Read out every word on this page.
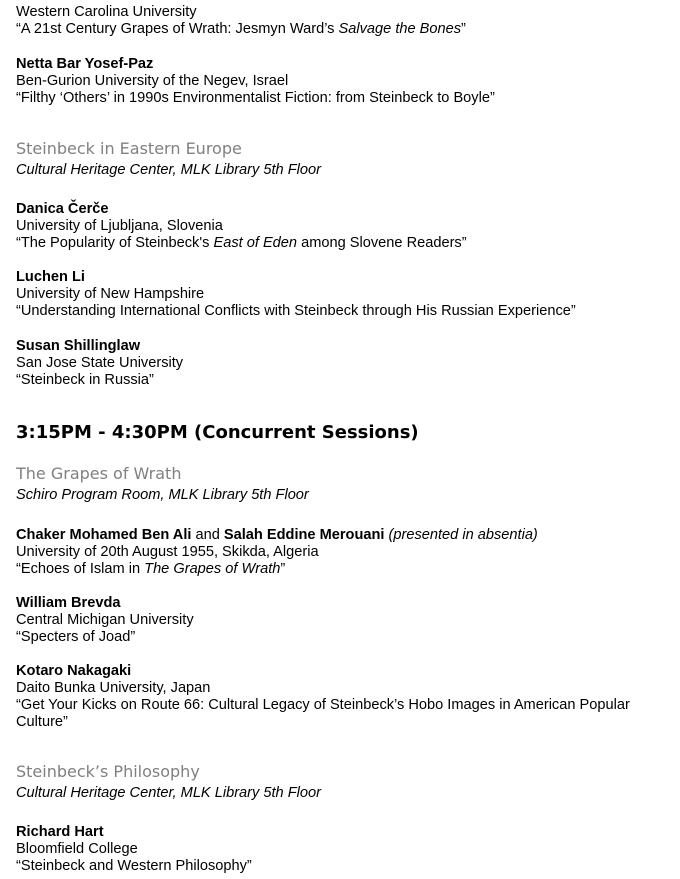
Western Carolina University
“A 21st Century Grapes of Wrath: Jesmyn Ward’s Salvage the Bones”
Netta Bar Yosef-Paz
Ben-Gurion University of the Negev, Israel
“Filthy ‘Others’ in 1990s Environmentalist Fiction: from Steinbeck to Boyle”
Steinbeck in Eastern Europe
Cultural Heritage Center, MLK Library 5th Floor
Danica Čerče
University of Ljubljana, Slovenia
“The Popularity of Steinbeck's East of Eden among Slovene Readers”
Luchen Li
University of New Hampshire
“Understanding International Conflicts with Steinbeck through His Russian Experience”
Susan Shillinglaw
San Jose State University
“Steinbeck in Russia”
3:15PM - 4:30PM (Concurrent Sessions)
The Grapes of Wrath
Schiro Program Room, MLK Library 5th Floor
Chaker Mohamed Ben Ali and Salah Eddine Merouani (presented in absentia)
University of 20th August 1955, Skikda, Algeria
“Echoes of Islam in The Grapes of Wrath”
William Brevda
Central Michigan University
“Specters of Joad”
Kotaro Nakagaki
Daito Bunka University, Japan
“Get Your Kicks on Route 66: Cultural Legacy of Steinbeck’s Hobo Images in American Popular Culture”
Steinbeck’s Philosophy
Cultural Heritage Center, MLK Library 5th Floor
Richard Hart
Bloomfield College
“Steinbeck and Western Philosophy”
